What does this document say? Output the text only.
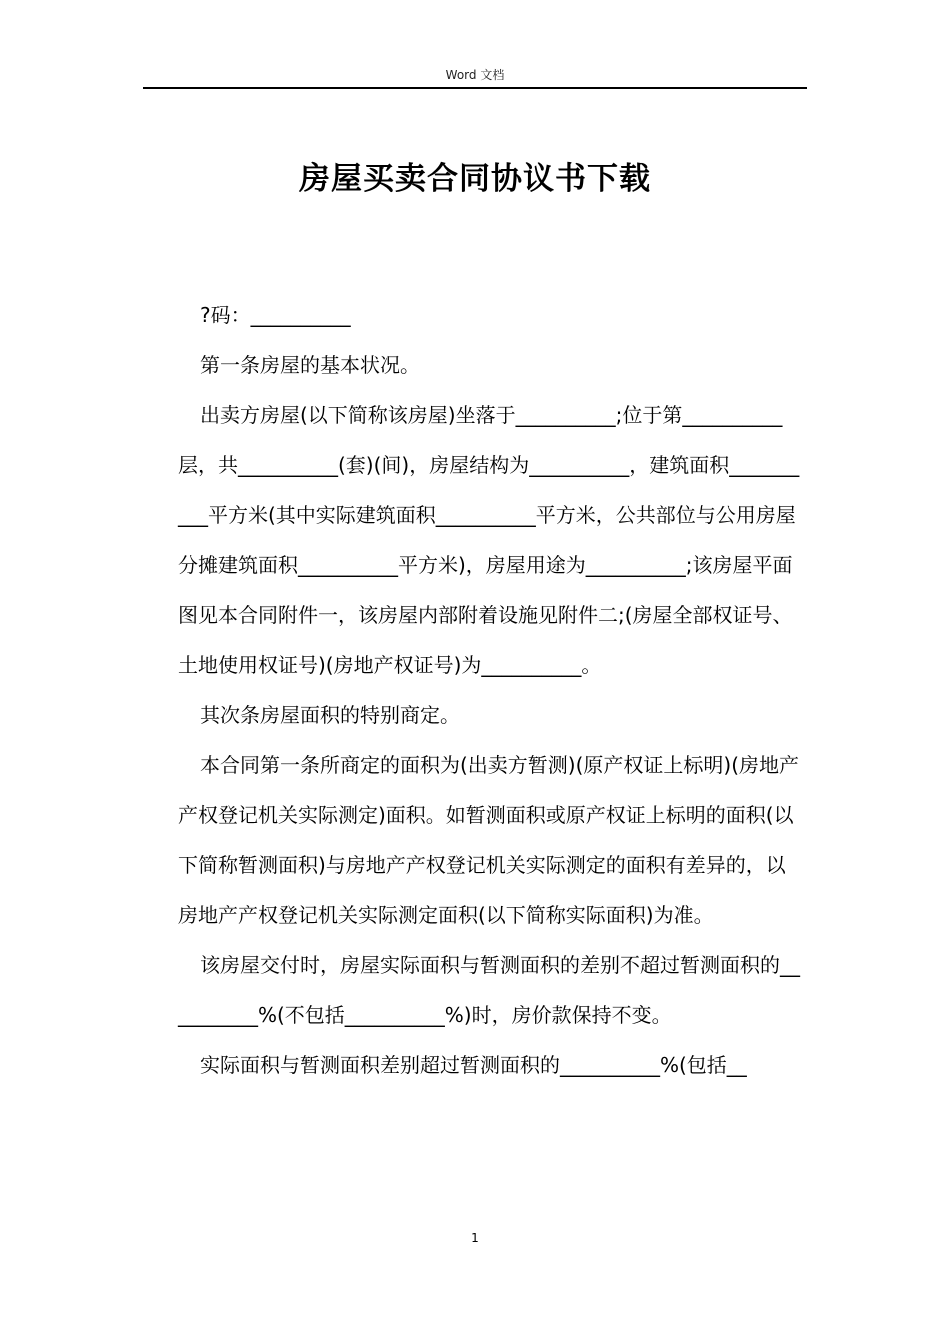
Word 文档
房屋买卖合同协议书下载

?码：__________

第一条房屋的基本状况。

出卖方房屋(以下简称该房屋)坐落于__________;位于第__________层，共__________(套)(间)，房屋结构为__________，建筑面积__________平方米(其中实际建筑面积__________平方米，公共部位与公用房屋分摊建筑面积__________平方米)，房屋用途为__________;该房屋平面图见本合同附件一，该房屋内部附着设施见附件二;(房屋全部权证号、土地使用权证号)(房地产权证号)为__________。

其次条房屋面积的特别商定。

本合同第一条所商定的面积为(出卖方暂测)(原产权证上标明)(房地产产权登记机关实际测定)面积。如暂测面积或原产权证上标明的面积(以下简称暂测面积)与房地产产权登记机关实际测定的面积有差异的，以房地产产权登记机关实际测定面积(以下简称实际面积)为准。

该房屋交付时，房屋实际面积与暂测面积的差别不超过暂测面积的__________%(不包括__________%)时，房价款保持不变。

实际面积与暂测面积差别超过暂测面积的__________%(包括__

1
